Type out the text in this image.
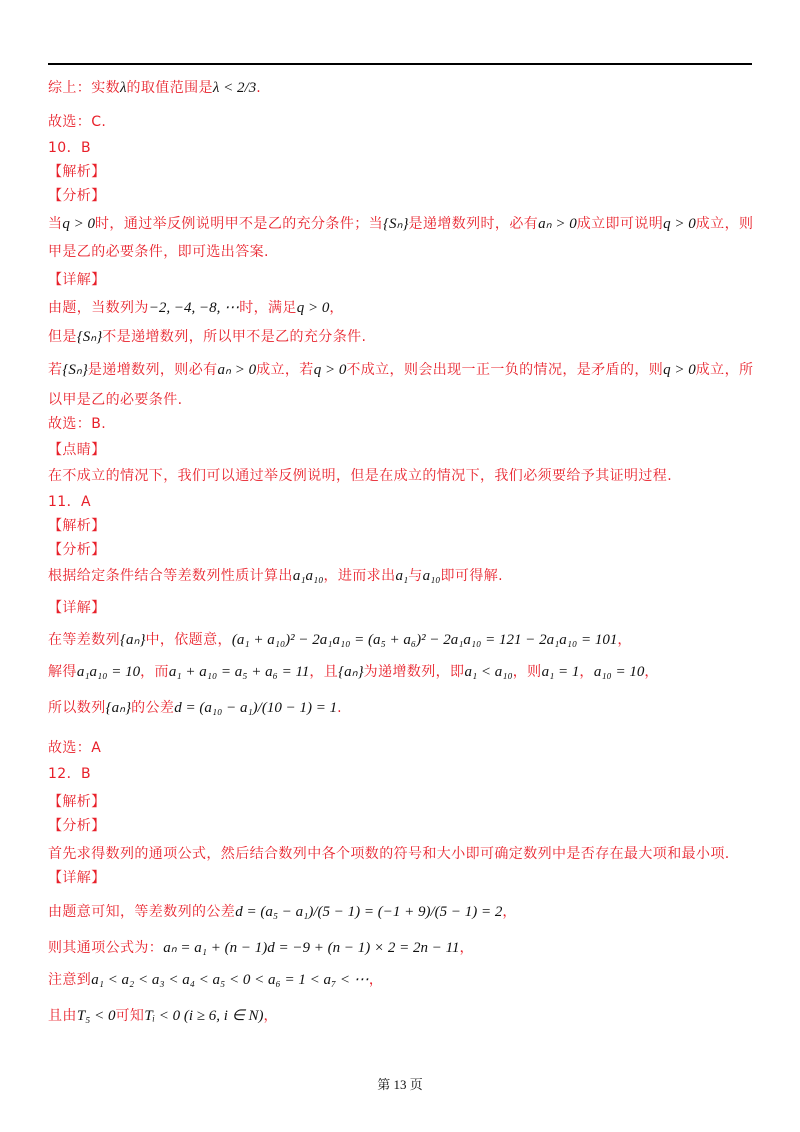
综上：实数λ的取值范围是λ < 2/3.
故选：C.
10．B
【解析】
【分析】
当q > 0时，通过举反例说明甲不是乙的充分条件；当{Sₙ}是递增数列时，必有aₙ > 0成立即可说明q > 0成立，则
甲是乙的必要条件，即可选出答案.
【详解】
由题，当数列为−2, −4, −8, ⋯时，满足q > 0，
但是{Sₙ}不是递增数列，所以甲不是乙的充分条件.
若{Sₙ}是递增数列，则必有aₙ > 0成立，若q > 0不成立，则会出现一正一负的情况，是矛盾的，则q > 0成立，所
以甲是乙的必要条件.
故选：B.
【点睛】
在不成立的情况下，我们可以通过举反例说明，但是在成立的情况下，我们必须要给予其证明过程.
11．A
【解析】
【分析】
根据给定条件结合等差数列性质计算出a₁a₁₀，进而求出a₁与a₁₀即可得解.
【详解】
在等差数列{aₙ}中，依题意，(a₁ + a₁₀)² − 2a₁a₁₀ = (a₅ + a₆)² − 2a₁a₁₀ = 121 − 2a₁a₁₀ = 101，
解得a₁a₁₀ = 10，而a₁ + a₁₀ = a₅ + a₆ = 11，且{aₙ}为递增数列，即a₁ < a₁₀，则a₁ = 1，a₁₀ = 10，
所以数列{aₙ}的公差d = (a₁₀ − a₁)/(10 − 1) = 1.
故选：A
12．B
【解析】
【分析】
首先求得数列的通项公式，然后结合数列中各个项数的符号和大小即可确定数列中是否存在最大项和最小项.
【详解】
由题意可知，等差数列的公差d = (a₅ − a₁)/(5 − 1) = (−1 + 9)/(5 − 1) = 2，
则其通项公式为：aₙ = a₁ + (n − 1)d = −9 + (n − 1) × 2 = 2n − 11，
注意到a₁ < a₂ < a₃ < a₄ < a₅ < 0 < a₆ = 1 < a₇ < ⋯，
且由T₅ < 0可知Tᵢ < 0 (i ≥ 6, i ∈ N)，
第 13 页
